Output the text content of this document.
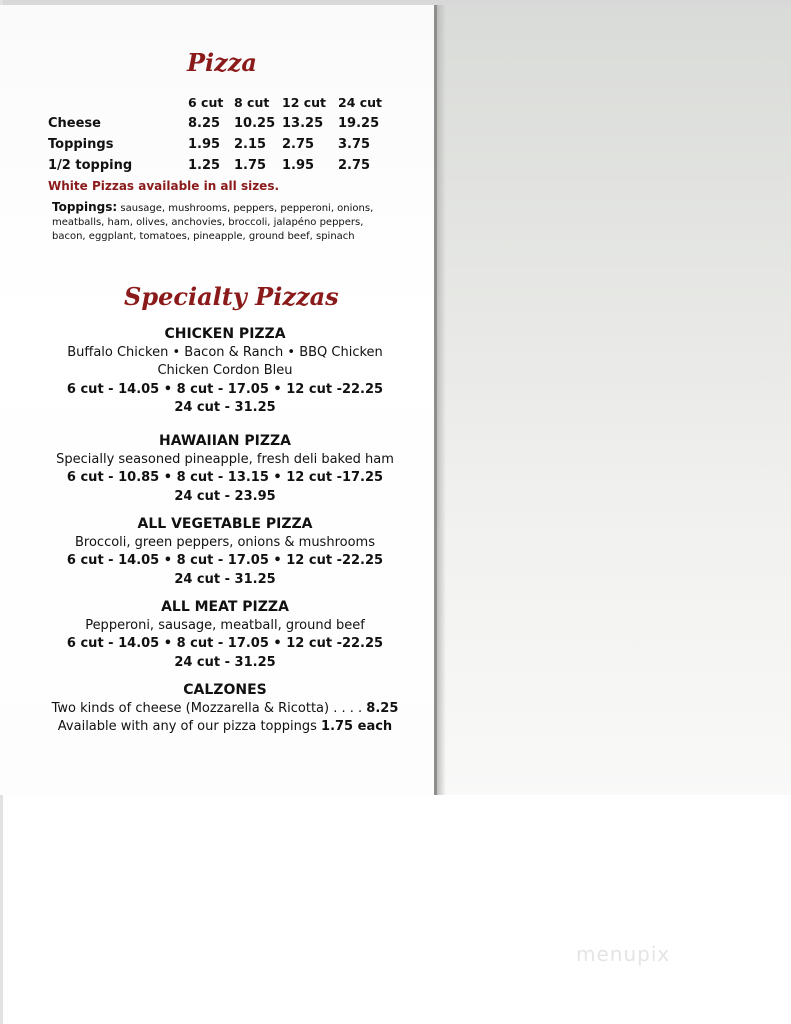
Pizza
	6 cut	8 cut	12 cut	24 cut
Cheese	8.25	10.25	13.25	19.25
Toppings	1.95	2.15	2.75	3.75
1/2 topping	1.25	1.75	1.95	2.75

White Pizzas available in all sizes.

Toppings: sausage, mushrooms, peppers, pepperoni, onions, meatballs, ham, olives, anchovies, broccoli, jalapéno peppers, bacon, eggplant, tomatoes, pineapple, ground beef, spinach

Specialty Pizzas
CHICKEN PIZZA
Buffalo Chicken • Bacon & Ranch • BBQ Chicken
Chicken Cordon Bleu
6 cut - 14.05 • 8 cut - 17.05 • 12 cut -22.25
24 cut - 31.25
HAWAIIAN PIZZA
Specially seasoned pineapple, fresh deli baked ham
6 cut - 10.85 • 8 cut - 13.15 • 12 cut -17.25
24 cut - 23.95
ALL VEGETABLE PIZZA
Broccoli, green peppers, onions & mushrooms
6 cut - 14.05 • 8 cut - 17.05 • 12 cut -22.25
24 cut - 31.25
ALL MEAT PIZZA
Pepperoni, sausage, meatball, ground beef
6 cut - 14.05 • 8 cut - 17.05 • 12 cut -22.25
24 cut - 31.25
CALZONES
Two kinds of cheese (Mozzarella & Ricotta) . . . . 8.25
Available with any of our pizza toppings 1.75 each
menupix
